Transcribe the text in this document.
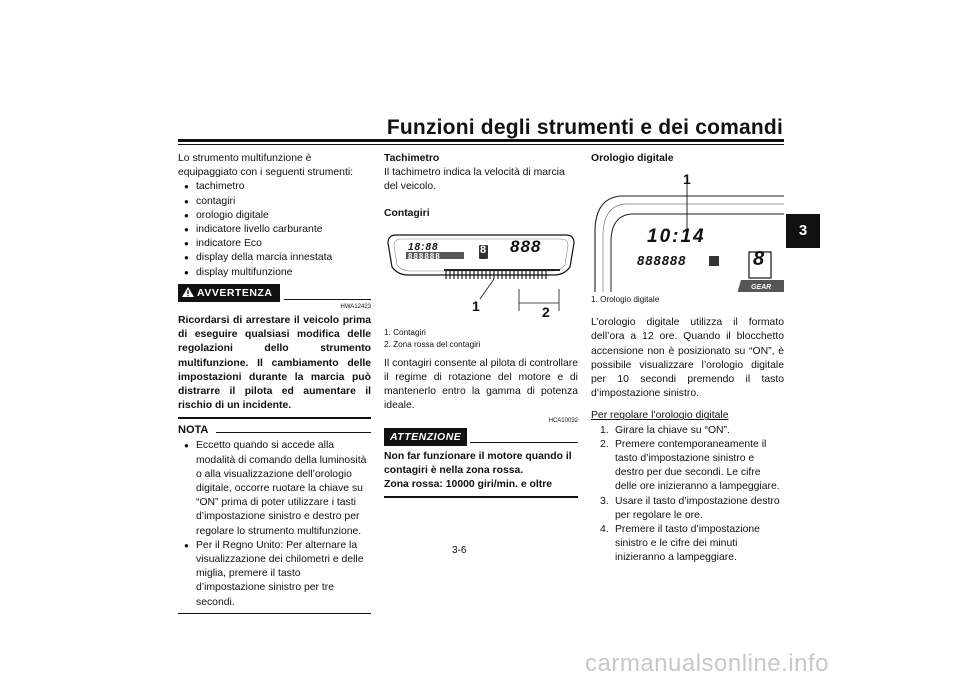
Funzioni degli strumenti e dei comandi
3

Lo strumento multifunzione è equipaggiato con i seguenti strumenti:

● tachimetro
● contagiri
● orologio digitale
● indicatore livello carburante
● indicatore Eco
● display della marcia innestata
● display multifunzione
AVVERTENZA
HWA12423

Ricordarsi di arrestare il veicolo prima di eseguire qualsiasi modifica delle regolazioni dello strumento multifunzione. Il cambiamento delle impostazioni durante la marcia può distrarre il pilota ed aumentare il rischio di un incidente.

NOTA
● Eccetto quando si accede alla modalità di comando della luminosità o alla visualizzazione dell’orologio digitale, occorre ruotare la chiave su “ON” prima di poter utilizzare i tasti d’impostazione sinistro e destro per regolare lo strumento multifunzione.
● Per il Regno Unito: Per alternare la visualizzazione dei chilometri e delle miglia, premere il tasto d’impostazione sinistro per tre secondi.

Tachimetro

Il tachimetro indica la velocità di marcia del veicolo.

Contagiri

18:88	8 888
888888
1	2
1. Contagiri
2. Zona rossa del contagiri

Il contagiri consente al pilota di controllare il regime di rotazione del motore e di mantenerlo entro la gamma di potenza ideale.

HCA10032
ATTENZIONE

Non far funzionare il motore quando il contagiri è nella zona rossa.

Zona rossa: 10000 giri/min. e oltre

Orologio digitale

1
10:14
8
888888
GEAR
1. Orologio digitale

L’orologio digitale utilizza il formato dell’ora a 12 ore. Quando il blocchetto accensione non è posizionato su “ON”, è possibile visualizzare l’orologio digitale per 10 secondi premendo il tasto d’impostazione sinistro.

Per regolare l’orologio digitale

1. Girare la chiave su “ON”.
2. Premere contemporaneamente il tasto d’impostazione sinistro e destro per due secondi. Le cifre delle ore inizieranno a lampeggiare.
3. Usare il tasto d’impostazione destro per regolare le ore.
4. Premere il tasto d’impostazione sinistro e le cifre dei minuti inizieranno a lampeggiare.
3-6
carmanualsonline.info
